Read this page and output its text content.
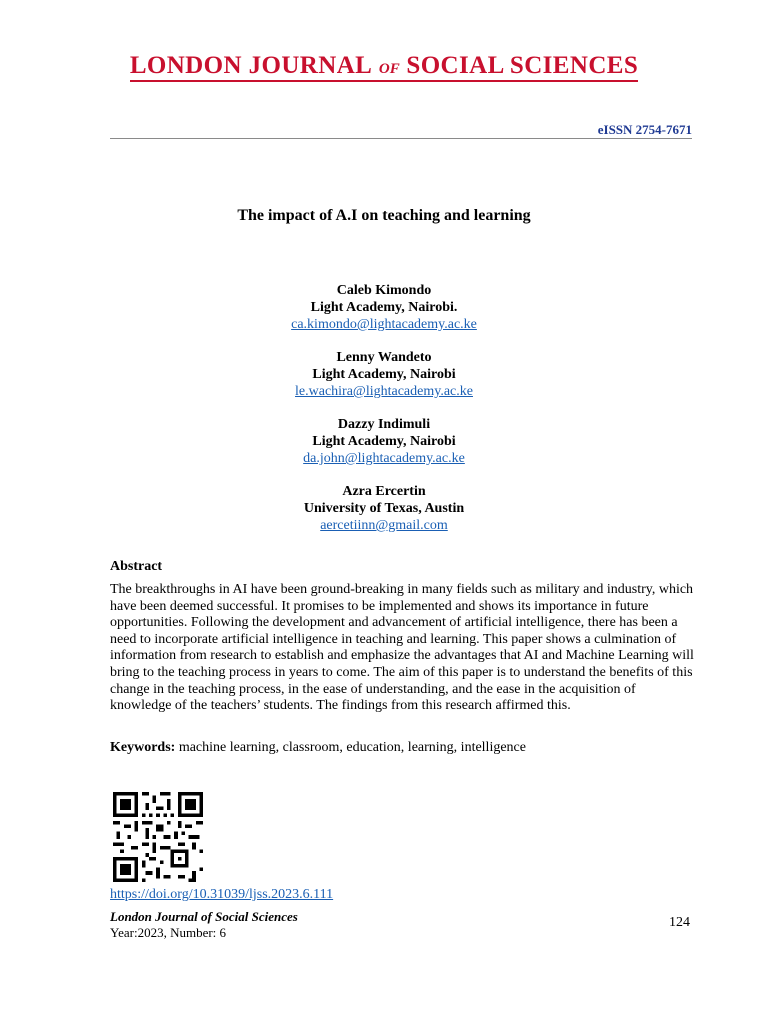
LONDON JOURNAL OF SOCIAL SCIENCES
eISSN 2754-7671
The impact of A.I on teaching and learning
Caleb Kimondo
Light Academy, Nairobi.
ca.kimondo@lightacademy.ac.ke
Lenny Wandeto
Light Academy, Nairobi
le.wachira@lightacademy.ac.ke
Dazzy Indimuli
Light Academy, Nairobi
da.john@lightacademy.ac.ke
Azra Ercertin
University of Texas, Austin
aercetiinn@gmail.com
Abstract

The breakthroughs in AI have been ground-breaking in many fields such as military and industry, which have been deemed successful. It promises to be implemented and shows its importance in future opportunities. Following the development and advancement of artificial intelligence, there has been a need to incorporate artificial intelligence in teaching and learning. This paper shows a culmination of information from research to establish and emphasize the advantages that AI and Machine Learning will bring to the teaching process in years to come. The aim of this paper is to understand the benefits of this change in the teaching process, in the ease of understanding, and the ease in the acquisition of knowledge of the teachers’ students. The findings from this research affirmed this.

Keywords: machine learning, classroom, education, learning, intelligence
https://doi.org/10.31039/ljss.2023.6.111
London Journal of Social Sciences
Year:2023, Number: 6
124
